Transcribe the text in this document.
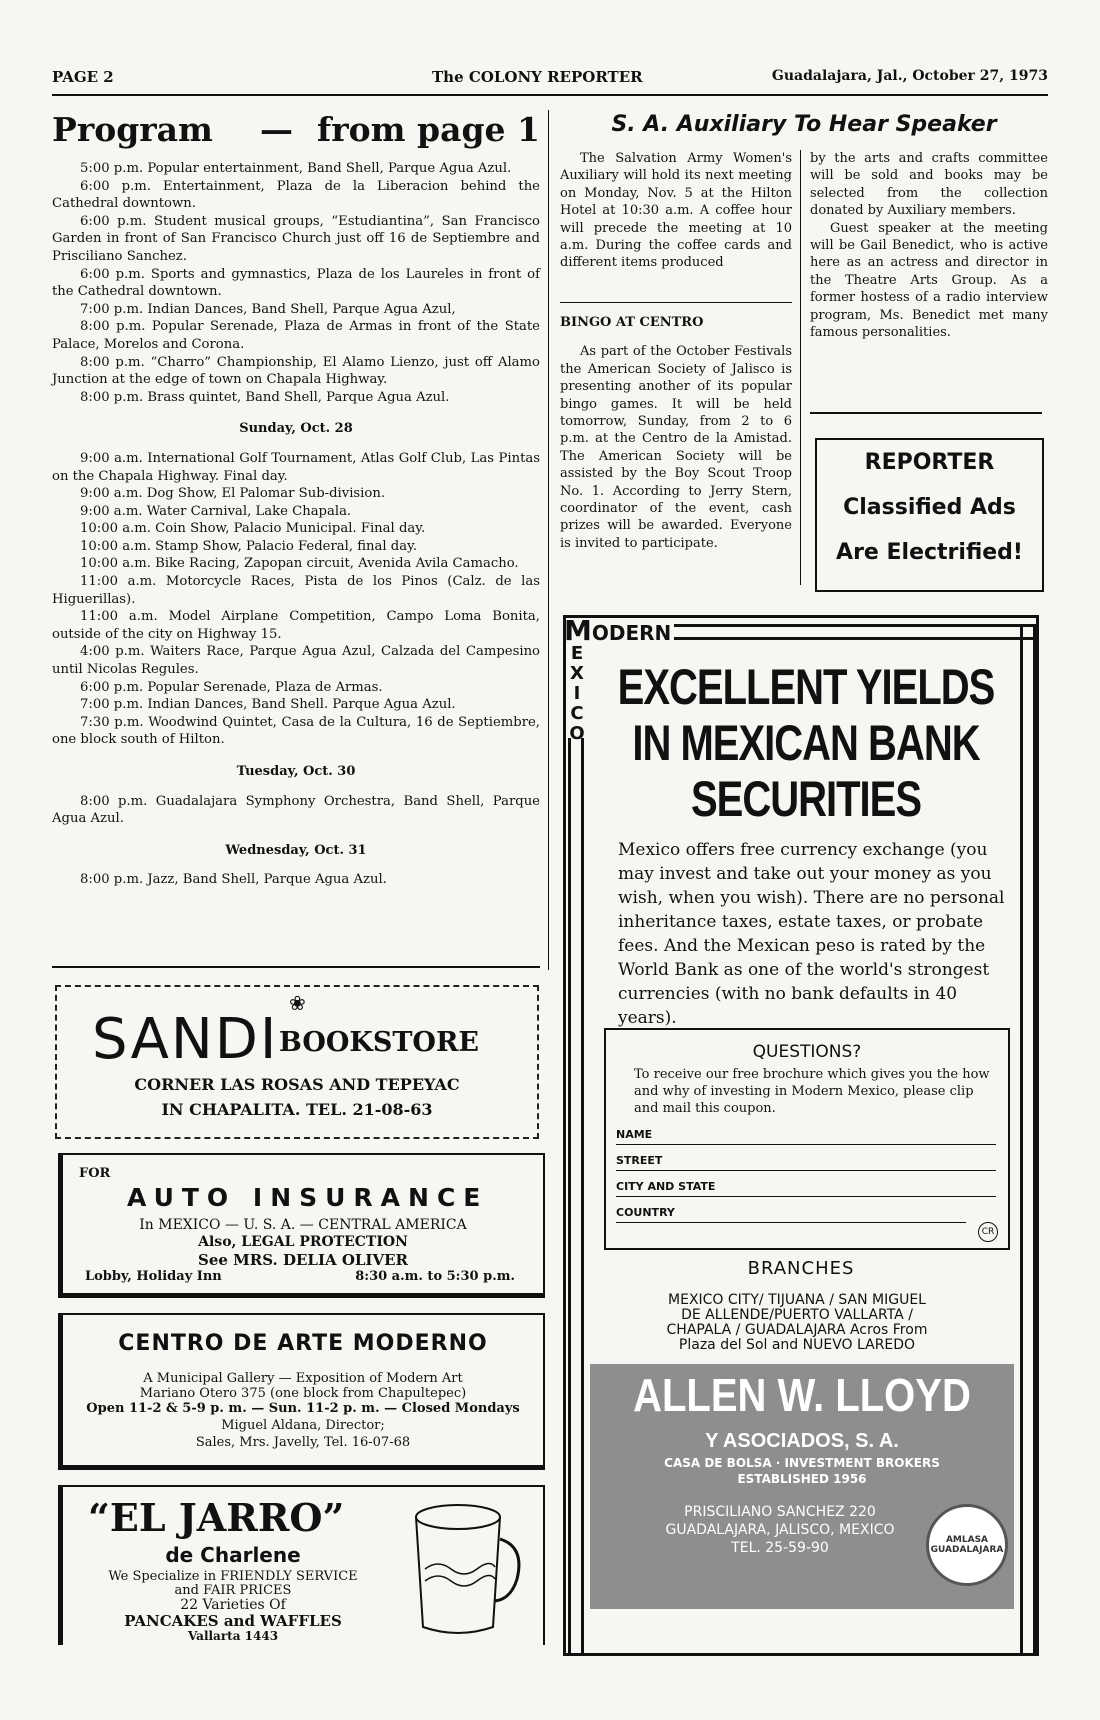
PAGE 2	The COLONY REPORTER	Guadalajara, Jal., October 27, 1973
Program — from page 1

5:00 p.m. Popular entertainment, Band Shell, Parque Agua Azul.

6:00 p.m. Entertainment, Plaza de la Liberacion behind the Cathedral downtown.

6:00 p.m. Student musical groups, “Estudiantina”, San Francisco Garden in front of San Francisco Church just off 16 de Septiembre and Prisciliano Sanchez.

6:00 p.m. Sports and gymnastics, Plaza de los Laureles in front of the Cathedral downtown.

7:00 p.m. Indian Dances, Band Shell, Parque Agua Azul,

8:00 p.m. Popular Serenade, Plaza de Armas in front of the State Palace, Morelos and Corona.

8:00 p.m. “Charro” Championship, El Alamo Lienzo, just off Alamo Junction at the edge of town on Chapala Highway.

8:00 p.m. Brass quintet, Band Shell, Parque Agua Azul.

Sunday, Oct. 28

9:00 a.m. International Golf Tournament, Atlas Golf Club, Las Pintas on the Chapala Highway. Final day.

9:00 a.m. Dog Show, El Palomar Sub-division.

9:00 a.m. Water Carnival, Lake Chapala.

10:00 a.m. Coin Show, Palacio Municipal. Final day.

10:00 a.m. Stamp Show, Palacio Federal, final day.

10:00 a.m. Bike Racing, Zapopan circuit, Avenida Avila Camacho.

11:00 a.m. Motorcycle Races, Pista de los Pinos (Calz. de las Higuerillas).

11:00 a.m. Model Airplane Competition, Campo Loma Bonita, outside of the city on Highway 15.

4:00 p.m. Waiters Race, Parque Agua Azul, Calzada del Campesino until Nicolas Regules.

6:00 p.m. Popular Serenade, Plaza de Armas.

7:00 p.m. Indian Dances, Band Shell. Parque Agua Azul.

7:30 p.m. Woodwind Quintet, Casa de la Cultura, 16 de Septiembre, one block south of Hilton.

Tuesday, Oct. 30

8:00 p.m. Guadalajara Symphony Orchestra, Band Shell, Parque Agua Azul.

Wednesday, Oct. 31

8:00 p.m. Jazz, Band Shell, Parque Agua Azul.

S. A. Auxiliary To Hear Speaker

The Salvation Army Women's Auxiliary will hold its next meeting on Monday, Nov. 5 at the Hilton Hotel at 10:30 a.m. A coffee hour will precede the meeting at 10 a.m. During the coffee cards and different items produced

by the arts and crafts committee will be sold and books may be selected from the collection donated by Auxiliary members.

Guest speaker at the meeting will be Gail Benedict, who is active here as an actress and director in the Theatre Arts Group. As a former hostess of a radio interview program, Ms. Benedict met many famous personalities.

BINGO AT CENTRO

As part of the October Festivals the American Society of Jalisco is presenting another of its popular bingo games. It will be held tomorrow, Sunday, from 2 to 6 p.m. at the Centro de la Amistad. The American Society will be assisted by the Boy Scout Troop No. 1. According to Jerry Stern, coordinator of the event, cash prizes will be awarded. Everyone is invited to participate.

REPORTER
Classified Ads
Are Electrified!
❀
SANDI BOOKSTORE
CORNER LAS ROSAS AND TEPEYAC
IN CHAPALITA. TEL. 21-08-63
FOR
AUTO INSURANCE
In MEXICO — U. S. A. — CENTRAL AMERICA
Also, LEGAL PROTECTION
See MRS. DELIA OLIVER
Lobby, Holiday Inn	8:30 a.m. to 5:30 p.m.
CENTRO DE ARTE MODERNO
A Municipal Gallery — Exposition of Modern Art
Mariano Otero 375 (one block from Chapultepec)
Open 11-2 & 5-9 p. m. — Sun. 11-2 p. m. — Closed Mondays
Miguel Aldana, Director;
Sales, Mrs. Javelly, Tel. 16-07-68
“EL JARRO”
de Charlene
We Specialize in FRIENDLY SERVICE
and FAIR PRICES
22 Varieties Of
PANCAKES and WAFFLES
Vallarta 1443
MODERN
E
X
I
C
O
EXCELLENT YIELDS
IN MEXICAN BANK
SECURITIES

Mexico offers free currency exchange (you may invest and take out your money as you wish, when you wish). There are no personal inheritance taxes, estate taxes, or probate fees. And the Mexican peso is rated by the World Bank as one of the world's strongest currencies (with no bank defaults in 40 years).

QUESTIONS?

To receive our free brochure which gives you the how and why of investing in Modern Mexico, please clip and mail this coupon.

NAME
STREET
CITY AND STATE
COUNTRY
CR
BRANCHES

MEXICO CITY/ TIJUANA / SAN MIGUEL DE ALLENDE/PUERTO VALLARTA / CHAPALA / GUADALAJARA Acros From Plaza del Sol and NUEVO LAREDO

ALLEN W. LLOYD
Y ASOCIADOS, S. A.
CASA DE BOLSA · INVESTMENT BROKERS
ESTABLISHED 1956
PRISCILIANO SANCHEZ 220
GUADALAJARA, JALISCO, MEXICO
TEL. 25-59-90	AMLASA GUADALAJARA
